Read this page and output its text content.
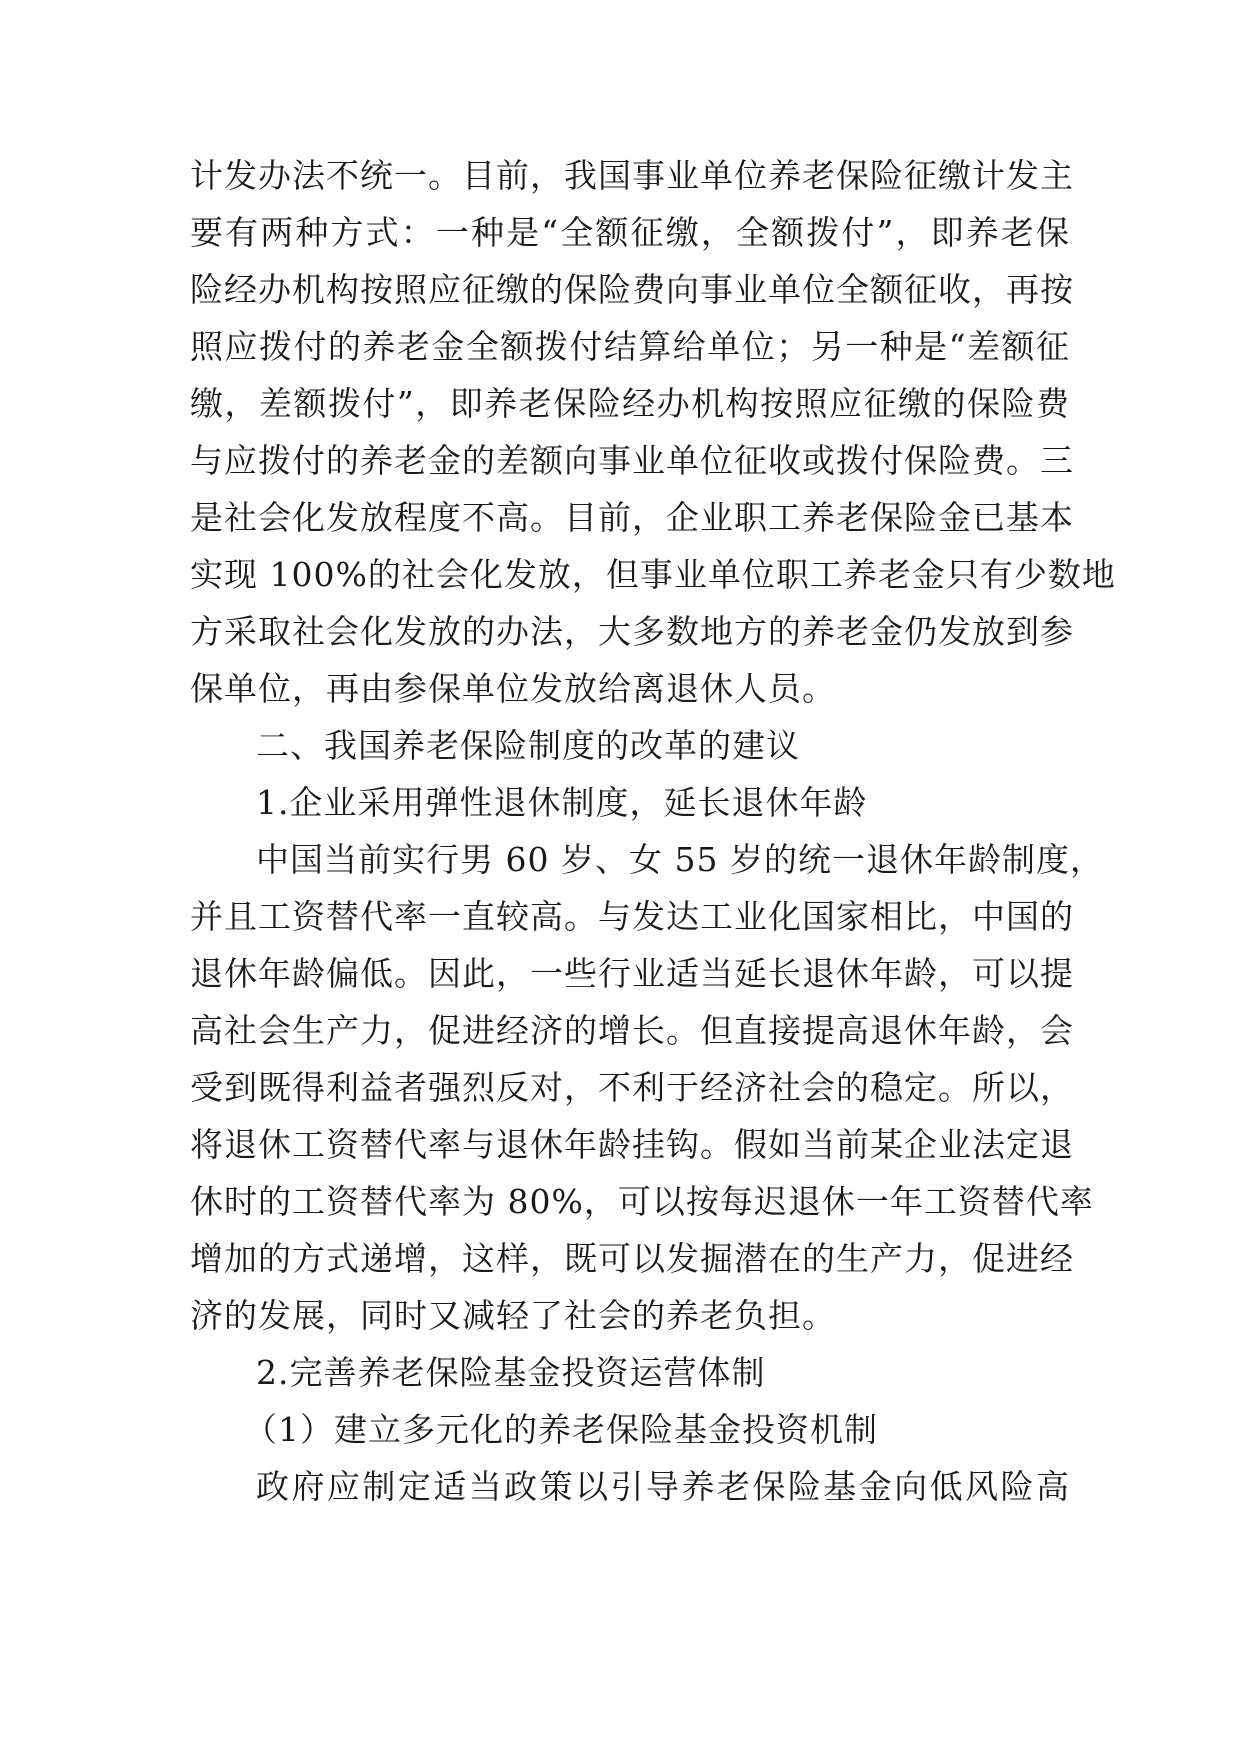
计发办法不统一。目前，我国事业单位养老保险征缴计发主
要有两种方式：一种是“全额征缴，全额拨付”，即养老保
险经办机构按照应征缴的保险费向事业单位全额征收，再按
照应拨付的养老金全额拨付结算给单位；另一种是“差额征
缴，差额拨付”，即养老保险经办机构按照应征缴的保险费
与应拨付的养老金的差额向事业单位征收或拨付保险费。三
是社会化发放程度不高。目前，企业职工养老保险金已基本
实现 100%的社会化发放，但事业单位职工养老金只有少数地
方采取社会化发放的办法，大多数地方的养老金仍发放到参
保单位，再由参保单位发放给离退休人员。
二、我国养老保险制度的改革的建议
1.企业采用弹性退休制度，延长退休年龄
中国当前实行男 60 岁、女 55 岁的统一退休年龄制度，
并且工资替代率一直较高。与发达工业化国家相比，中国的
退休年龄偏低。因此，一些行业适当延长退休年龄，可以提
高社会生产力，促进经济的增长。但直接提高退休年龄，会
受到既得利益者强烈反对，不利于经济社会的稳定。所以，
将退休工资替代率与退休年龄挂钩。假如当前某企业法定退
休时的工资替代率为 80%，可以按每迟退休一年工资替代率
增加的方式递增，这样，既可以发掘潜在的生产力，促进经
济的发展，同时又减轻了社会的养老负担。
2.完善养老保险基金投资运营体制
（1）建立多元化的养老保险基金投资机制
政府应制定适当政策以引导养老保险基金向低风险高
